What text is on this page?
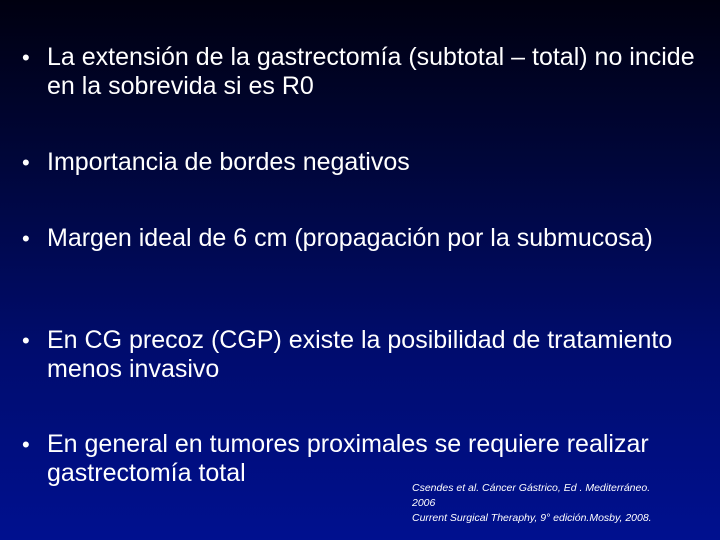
• La extensión de la gastrectomía (subtotal – total) no incide en la sobrevida si es R0
• Importancia de bordes negativos
• Margen ideal de 6 cm (propagación por la submucosa)
• En CG precoz (CGP) existe la posibilidad de tratamiento menos invasivo
• En general en tumores proximales se requiere realizar gastrectomía total
Csendes et al. Cáncer Gástrico, Ed . Mediterráneo.
2006
Current Surgical Theraphy, 9° edición.Mosby, 2008.
